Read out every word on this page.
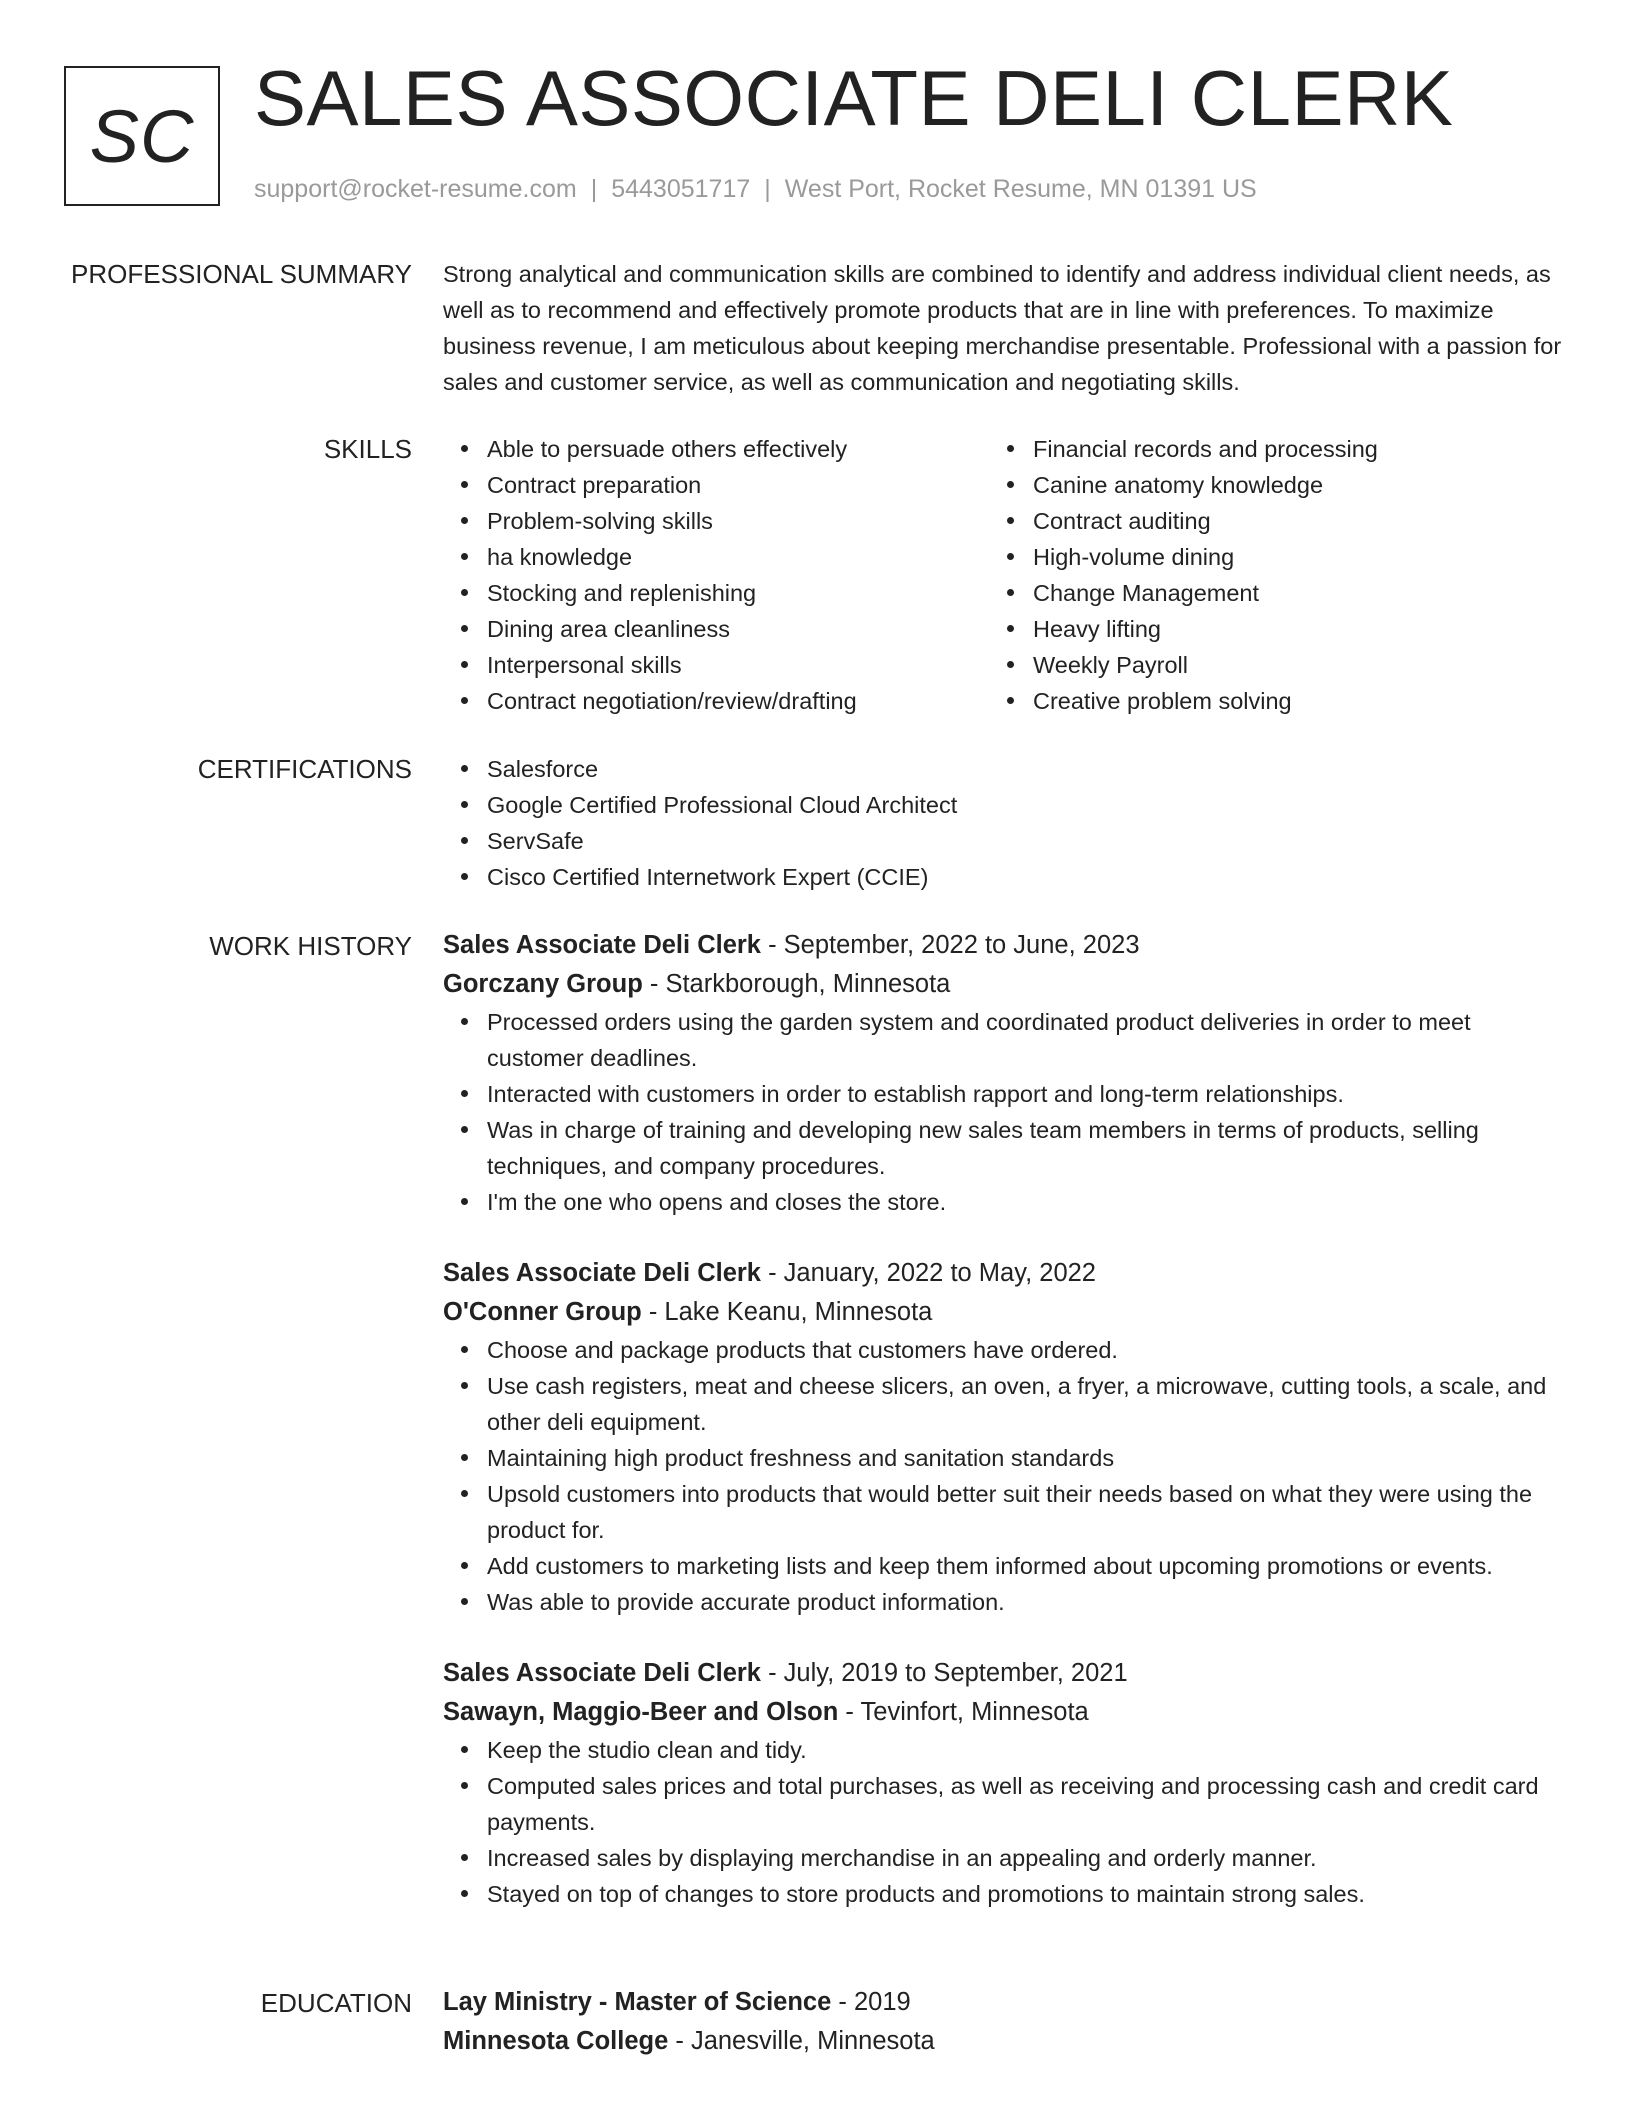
SC SALES ASSOCIATE DELI CLERK
support@rocket-resume.com | 5443051717 | West Port, Rocket Resume, MN 01391 US
PROFESSIONAL SUMMARY Strong analytical and communication skills are combined to identify and address individual client needs, as well as to recommend and effectively promote products that are in line with preferences. To maximize business revenue, I am meticulous about keeping merchandise presentable. Professional with a passion for sales and customer service, as well as communication and negotiating skills.

SKILLS	Able to persuade others effectively
Contract preparation
Problem-solving skills
ha knowledge
Stocking and replenishing
Dining area cleanliness
Interpersonal skills
Contract negotiation/review/drafting
Financial records and processing
Canine anatomy knowledge
Contract auditing
High-volume dining
Change Management
Heavy lifting
Weekly Payroll
Creative problem solving
CERTIFICATIONS	Salesforce
Google Certified Professional Cloud Architect
ServSafe
Cisco Certified Internetwork Expert (CCIE)
WORK HISTORY Sales Associate Deli Clerk - September, 2022 to June, 2023
Gorczany Group - Starkborough, Minnesota
Processed orders using the garden system and coordinated product deliveries in order to meet customer deadlines.
Interacted with customers in order to establish rapport and long-term relationships.
Was in charge of training and developing new sales team members in terms of products, selling techniques, and company procedures.
I'm the one who opens and closes the store.
Sales Associate Deli Clerk - January, 2022 to May, 2022
O'Conner Group - Lake Keanu, Minnesota
Choose and package products that customers have ordered.
Use cash registers, meat and cheese slicers, an oven, a fryer, a microwave, cutting tools, a scale, and other deli equipment.
Maintaining high product freshness and sanitation standards
Upsold customers into products that would better suit their needs based on what they were using the product for.
Add customers to marketing lists and keep them informed about upcoming promotions or events.
Was able to provide accurate product information.
Sales Associate Deli Clerk - July, 2019 to September, 2021
Sawayn, Maggio-Beer and Olson - Tevinfort, Minnesota
Keep the studio clean and tidy.
Computed sales prices and total purchases, as well as receiving and processing cash and credit card payments.
Increased sales by displaying merchandise in an appealing and orderly manner.
Stayed on top of changes to store products and promotions to maintain strong sales.
EDUCATION Lay Ministry - Master of Science - 2019
Minnesota College - Janesville, Minnesota
